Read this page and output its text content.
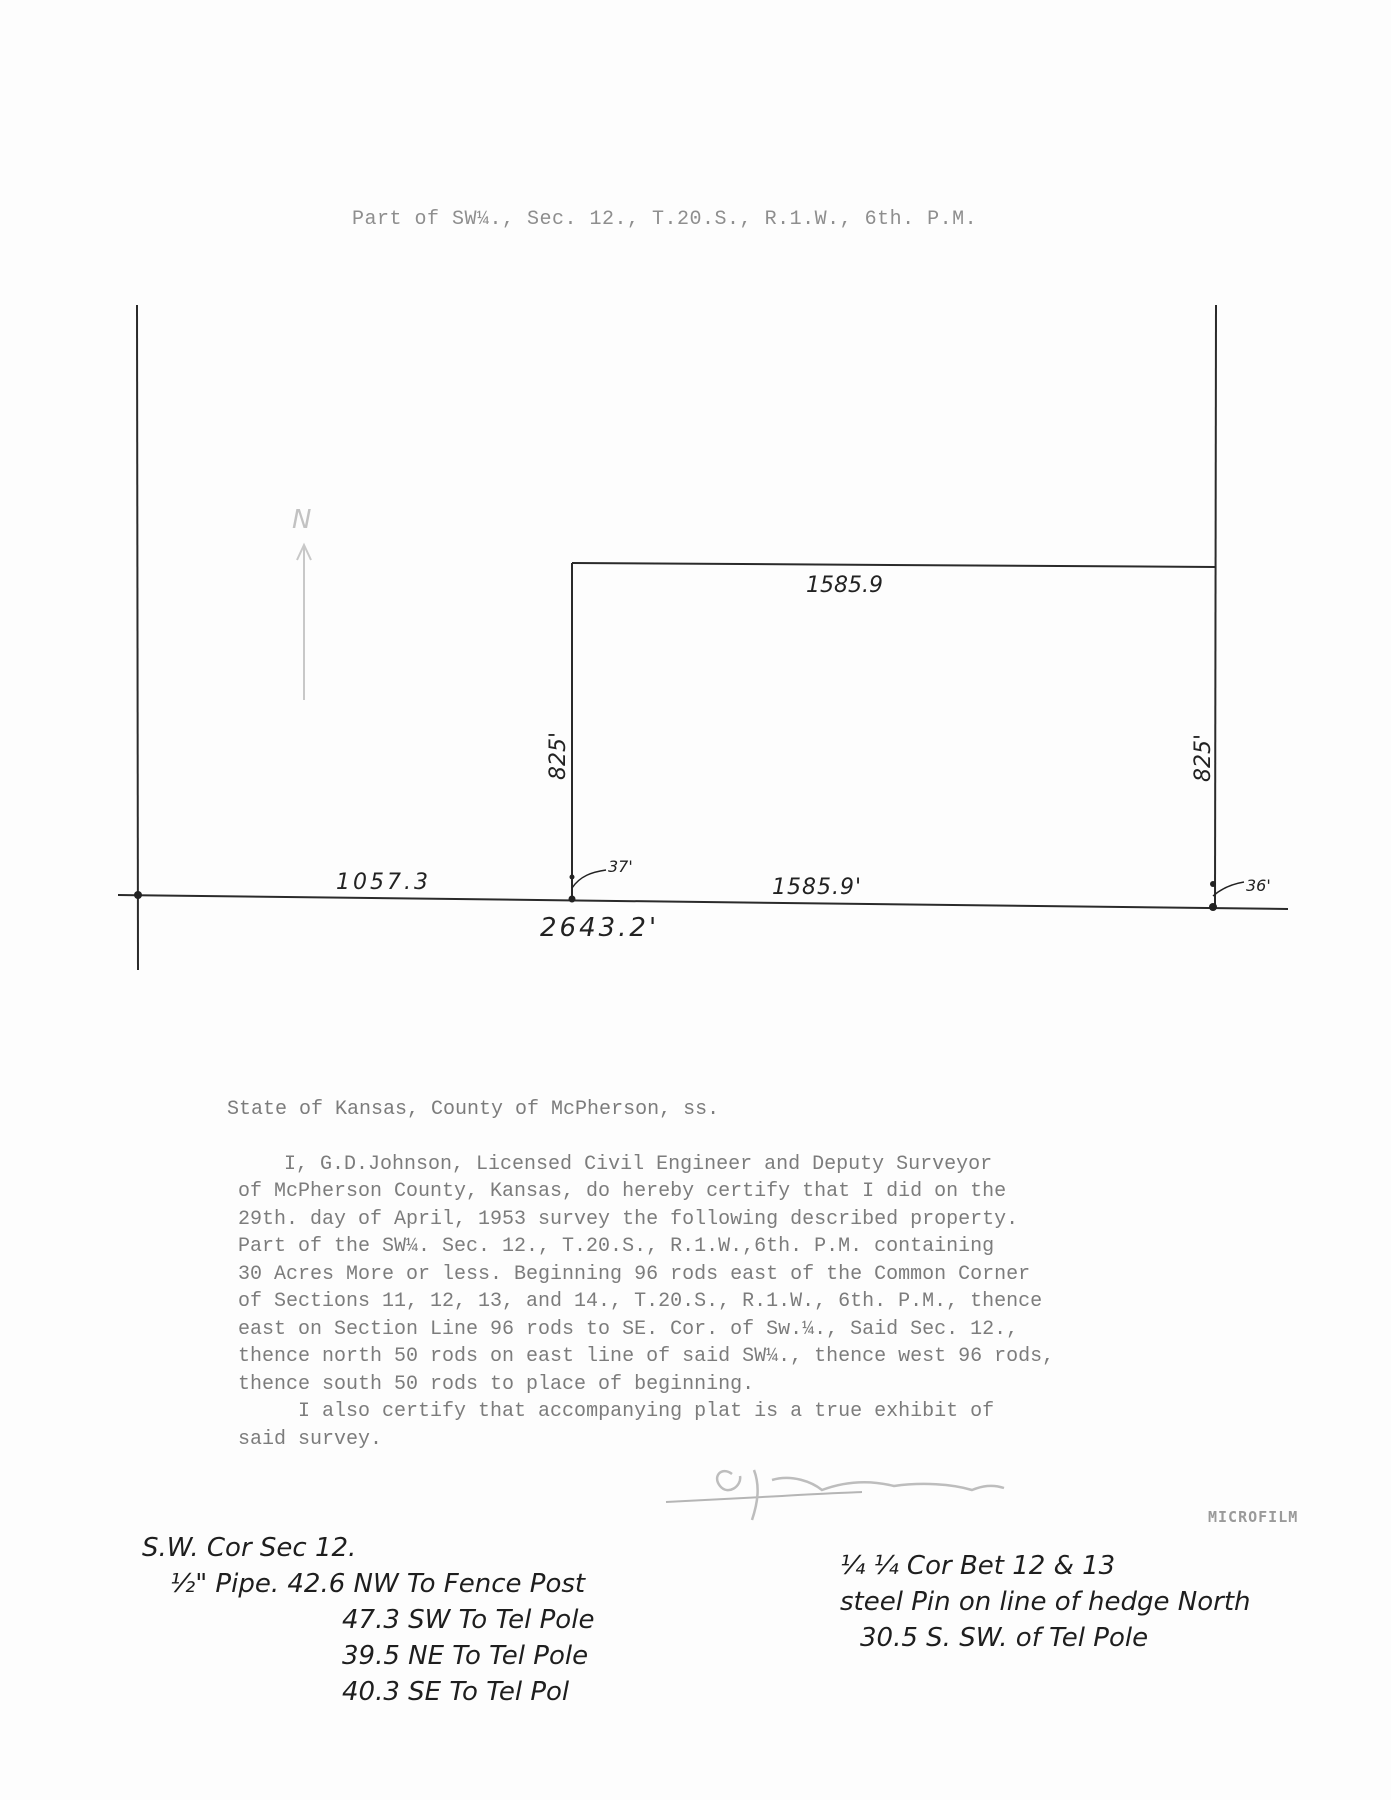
Part of SW¼., Sec. 12., T.20.S., R.1.W., 6th. P.M.
N
1585.9
825'	825'
1057.3	1585.9'
2643.2'
37'
36'

State of Kansas, County of McPherson, ss.

I, G.D.Johnson, Licensed Civil Engineer and Deputy Surveyor

of McPherson County, Kansas, do hereby certify that I did on the

29th. day of April, 1953 survey the following described property.

Part of the SW¼. Sec. 12., T.20.S., R.1.W.,6th. P.M. containing

30 Acres More or less. Beginning 96 rods east of the Common Corner

of Sections 11, 12, 13, and 14., T.20.S., R.1.W., 6th. P.M., thence

east on Section Line 96 rods to SE. Cor. of Sw.¼., Said Sec. 12.,

thence north 50 rods on east line of said SW¼., thence west 96 rods,

thence south 50 rods to place of beginning.

I also certify that accompanying plat is a true exhibit of

said survey.

MICROFILM
S.W. Cor Sec 12.
½" Pipe. 42.6 NW To Fence Post
47.3 SW To Tel Pole
39.5 NE To Tel Pole
40.3 SE To Tel Pol
¼ ¼ Cor Bet 12 & 13
steel Pin on line of hedge North
30.5 S. SW. of Tel Pole
